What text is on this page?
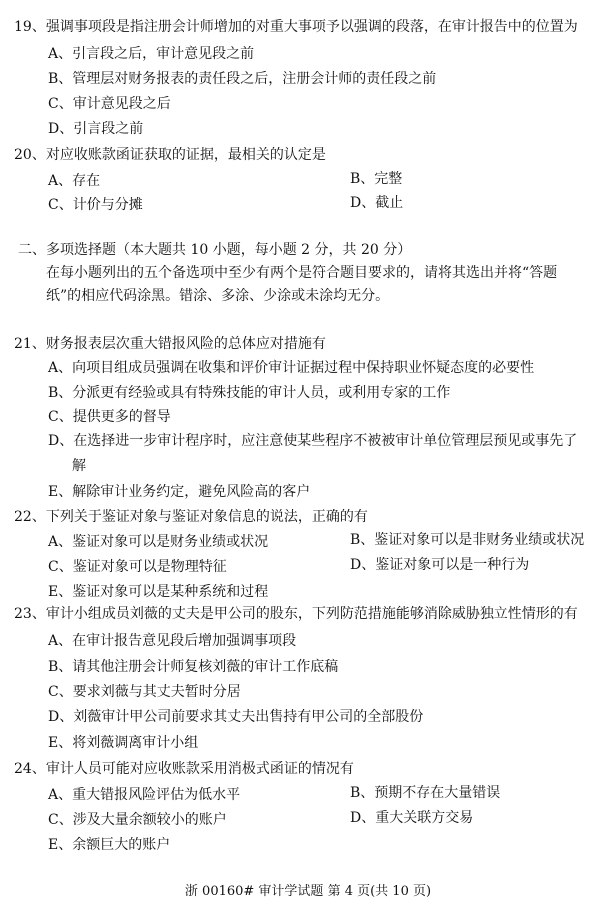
19、强调事项段是指注册会计师增加的对重大事项予以强调的段落，在审计报告中的位置为
A、引言段之后，审计意见段之前
B、管理层对财务报表的责任段之后，注册会计师的责任段之前
C、审计意见段之后
D、引言段之前
20、对应收账款函证获取的证据，最相关的认定是
A、存在	B、完整
C、计价与分摊	D、截止
二、多项选择题（本大题共 10 小题，每小题 2 分，共 20 分）
在每小题列出的五个备选项中至少有两个是符合题目要求的，请将其选出并将“答题
纸”的相应代码涂黑。错涂、多涂、少涂或未涂均无分。
21、财务报表层次重大错报风险的总体应对措施有
A、向项目组成员强调在收集和评价审计证据过程中保持职业怀疑态度的必要性
B、分派更有经验或具有特殊技能的审计人员，或利用专家的工作
C、提供更多的督导
D、在选择进一步审计程序时，应注意使某些程序不被被审计单位管理层预见或事先了
解
E、解除审计业务约定，避免风险高的客户
22、下列关于鉴证对象与鉴证对象信息的说法，正确的有
A、鉴证对象可以是财务业绩或状况	B、鉴证对象可以是非财务业绩或状况
C、鉴证对象可以是物理特征	D、鉴证对象可以是一种行为
E、鉴证对象可以是某种系统和过程
23、审计小组成员刘薇的丈夫是甲公司的股东，下列防范措施能够消除威胁独立性情形的有
A、在审计报告意见段后增加强调事项段
B、请其他注册会计师复核刘薇的审计工作底稿
C、要求刘薇与其丈夫暂时分居
D、刘薇审计甲公司前要求其丈夫出售持有甲公司的全部股份
E、将刘薇调离审计小组
24、审计人员可能对应收账款采用消极式函证的情况有
A、重大错报风险评估为低水平	B、预期不存在大量错误
C、涉及大量余额较小的账户	D、重大关联方交易
E、余额巨大的账户
浙 00160# 审计学试题 第 4 页(共 10 页)
